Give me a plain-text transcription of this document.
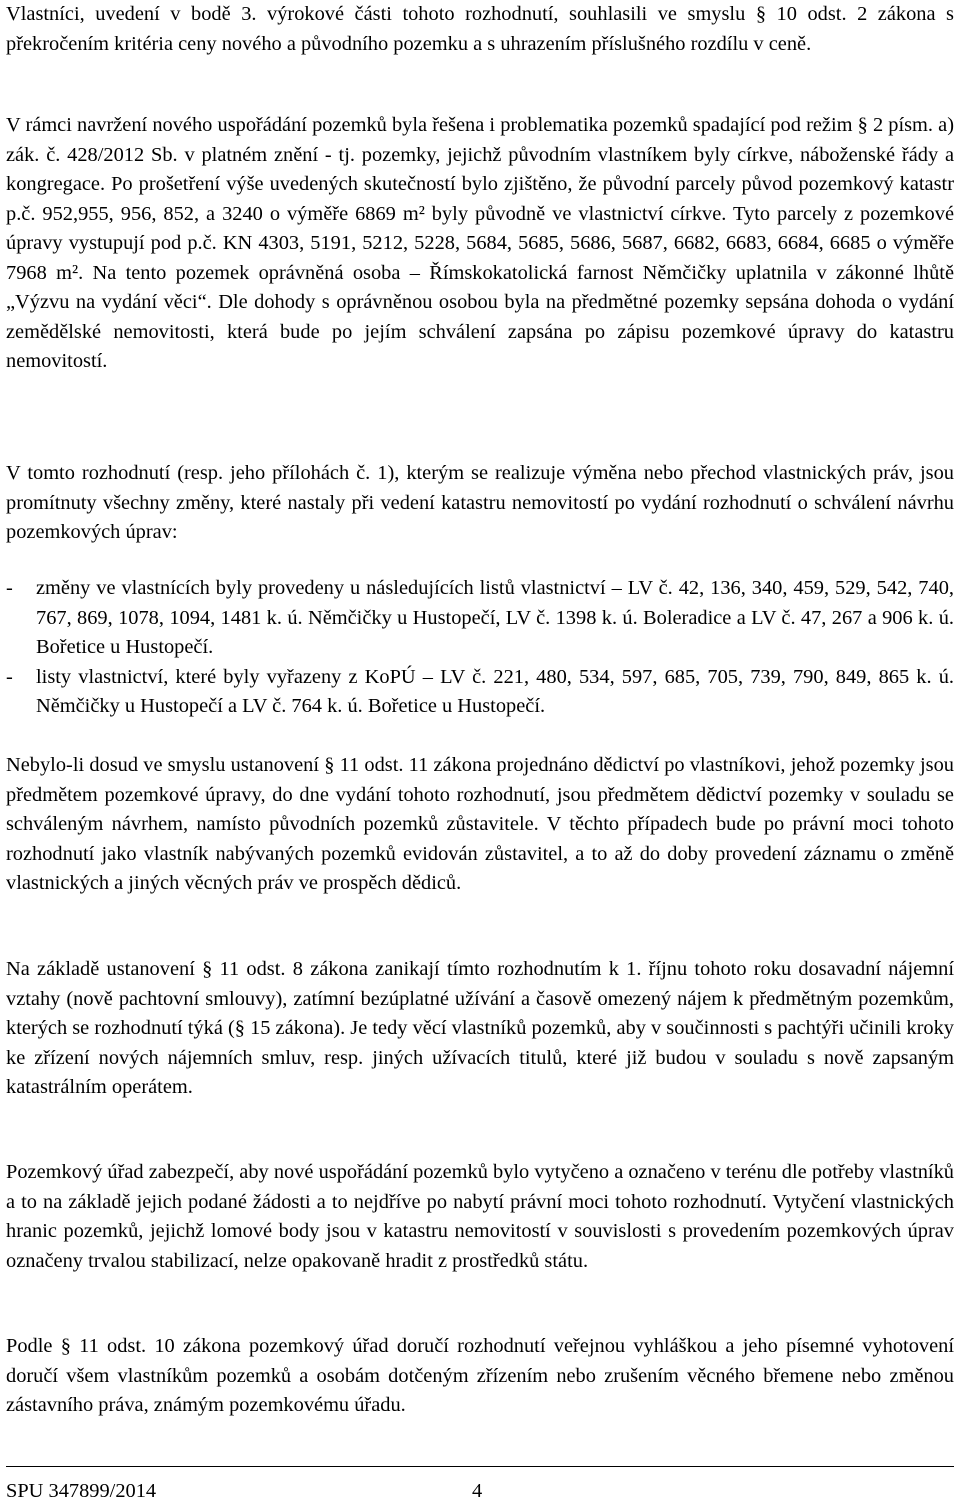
Vlastníci, uvedení v bodě 3. výrokové části tohoto rozhodnutí, souhlasili ve smyslu § 10 odst. 2 zákona s překročením kritéria ceny nového a původního pozemku a s uhrazením příslušného rozdílu v ceně.

V rámci navržení nového uspořádání pozemků byla řešena i problematika pozemků spadající pod režim § 2 písm. a) zák. č. 428/2012 Sb. v platném znění - tj. pozemky, jejichž původním vlastníkem byly církve, náboženské řády a kongregace. Po prošetření výše uvedených skutečností bylo zjištěno, že původní parcely původ pozemkový katastr p.č. 952,955, 956, 852, a 3240 o výměře 6869 m² byly původně ve vlastnictví církve. Tyto parcely z pozemkové úpravy vystupují pod p.č. KN 4303, 5191, 5212, 5228, 5684, 5685, 5686, 5687, 6682, 6683, 6684, 6685 o výměře 7968 m². Na tento pozemek oprávněná osoba – Římskokatolická farnost Němčičky uplatnila v zákonné lhůtě „Výzvu na vydání věci“. Dle dohody s oprávněnou osobou byla na předmětné pozemky sepsána dohoda o vydání zemědělské nemovitosti, která bude po jejím schválení zapsána po zápisu pozemkové úpravy do katastru nemovitostí.

V tomto rozhodnutí (resp. jeho přílohách č. 1), kterým se realizuje výměna nebo přechod vlastnických práv, jsou promítnuty všechny změny, které nastaly při vedení katastru nemovitostí po vydání rozhodnutí o schválení návrhu pozemkových úprav:

- změny ve vlastnících byly provedeny u následujících listů vlastnictví – LV č. 42, 136, 340, 459, 529, 542, 740, 767, 869, 1078, 1094, 1481 k. ú. Němčičky u Hustopečí, LV č. 1398 k. ú. Boleradice a LV č. 47, 267 a 906 k. ú. Bořetice u Hustopečí.
- listy vlastnictví, které byly vyřazeny z KoPÚ – LV č. 221, 480, 534, 597, 685, 705, 739, 790, 849, 865 k. ú. Němčičky u Hustopečí a LV č. 764 k. ú. Bořetice u Hustopečí.

Nebylo-li dosud ve smyslu ustanovení § 11 odst. 11 zákona projednáno dědictví po vlastníkovi, jehož pozemky jsou předmětem pozemkové úpravy, do dne vydání tohoto rozhodnutí, jsou předmětem dědictví pozemky v souladu se schváleným návrhem, namísto původních pozemků zůstavitele. V těchto případech bude po právní moci tohoto rozhodnutí jako vlastník nabývaných pozemků evidován zůstavitel, a to až do doby provedení záznamu o změně vlastnických a jiných věcných práv ve prospěch dědiců.

Na základě ustanovení § 11 odst. 8 zákona zanikají tímto rozhodnutím k 1. říjnu tohoto roku dosavadní nájemní vztahy (nově pachtovní smlouvy), zatímní bezúplatné užívání a časově omezený nájem k předmětným pozemkům, kterých se rozhodnutí týká (§ 15 zákona). Je tedy věcí vlastníků pozemků, aby v součinnosti s pachtýři učinili kroky ke zřízení nových nájemních smluv, resp. jiných užívacích titulů, které již budou v souladu s nově zapsaným katastrálním operátem.

Pozemkový úřad zabezpečí, aby nové uspořádání pozemků bylo vytyčeno a označeno v terénu dle potřeby vlastníků a to na základě jejich podané žádosti a to nejdříve po nabytí právní moci tohoto rozhodnutí. Vytyčení vlastnických hranic pozemků, jejichž lomové body jsou v katastru nemovitostí v souvislosti s provedením pozemkových úprav označeny trvalou stabilizací, nelze opakovaně hradit z prostředků státu.

Podle § 11 odst. 10 zákona pozemkový úřad doručí rozhodnutí veřejnou vyhláškou a jeho písemné vyhotovení doručí všem vlastníkům pozemků a osobám dotčeným zřízením nebo zrušením věcného břemene nebo změnou zástavního práva, známým pozemkovému úřadu.

SPU 347899/2014	4
